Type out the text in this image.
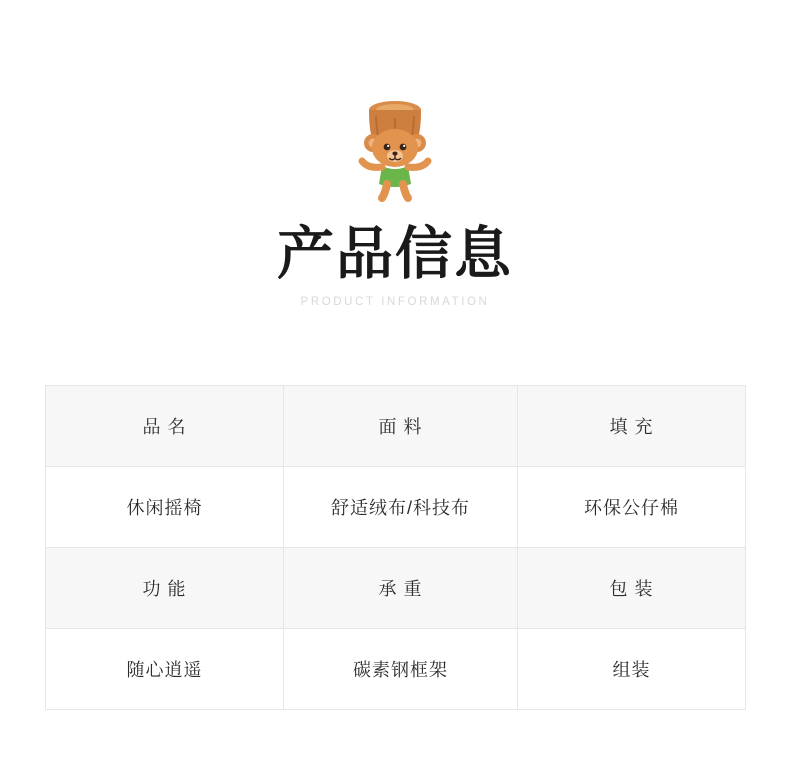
产品信息
PRODUCT INFORMATION
品 名	面 料	填 充
休闲摇椅	舒适绒布/科技布	环保公仔棉
功 能	承 重	包 装
随心逍遥	碳素钢框架	组装
